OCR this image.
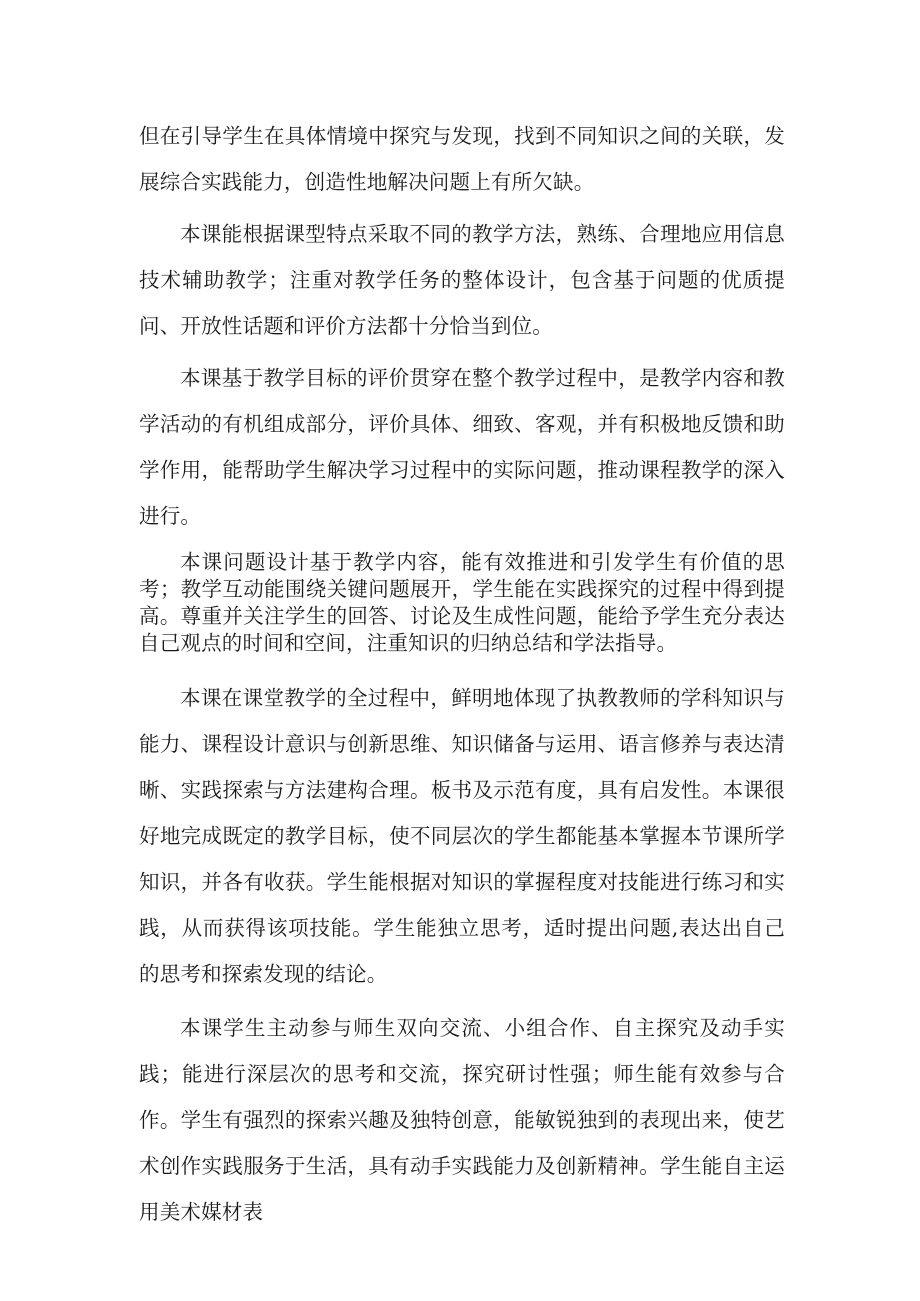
但在引导学生在具体情境中探究与发现，找到不同知识之间的关联，发展综合实践能力，创造性地解决问题上有所欠缺。

本课能根据课型特点采取不同的教学方法，熟练、合理地应用信息技术辅助教学；注重对教学任务的整体设计，包含基于问题的优质提问、开放性话题和评价方法都十分恰当到位。

本课基于教学目标的评价贯穿在整个教学过程中，是教学内容和教学活动的有机组成部分，评价具体、细致、客观，并有积极地反馈和助学作用，能帮助学生解决学习过程中的实际问题，推动课程教学的深入进行。

本课问题设计基于教学内容，能有效推进和引发学生有价值的思考；教学互动能围绕关键问题展开，学生能在实践探究的过程中得到提高。尊重并关注学生的回答、讨论及生成性问题，能给予学生充分表达自己观点的时间和空间，注重知识的归纳总结和学法指导。

本课在课堂教学的全过程中，鲜明地体现了执教教师的学科知识与能力、课程设计意识与创新思维、知识储备与运用、语言修养与表达清晰、实践探索与方法建构合理。板书及示范有度，具有启发性。本课很好地完成既定的教学目标，使不同层次的学生都能基本掌握本节课所学知识，并各有收获。学生能根据对知识的掌握程度对技能进行练习和实践，从而获得该项技能。学生能独立思考，适时提出问题,表达出自己的思考和探索发现的结论。

本课学生主动参与师生双向交流、小组合作、自主探究及动手实践；能进行深层次的思考和交流，探究研讨性强；师生能有效参与合作。学生有强烈的探索兴趣及独特创意，能敏锐独到的表现出来，使艺术创作实践服务于生活，具有动手实践能力及创新精神。学生能自主运用美术媒材表
